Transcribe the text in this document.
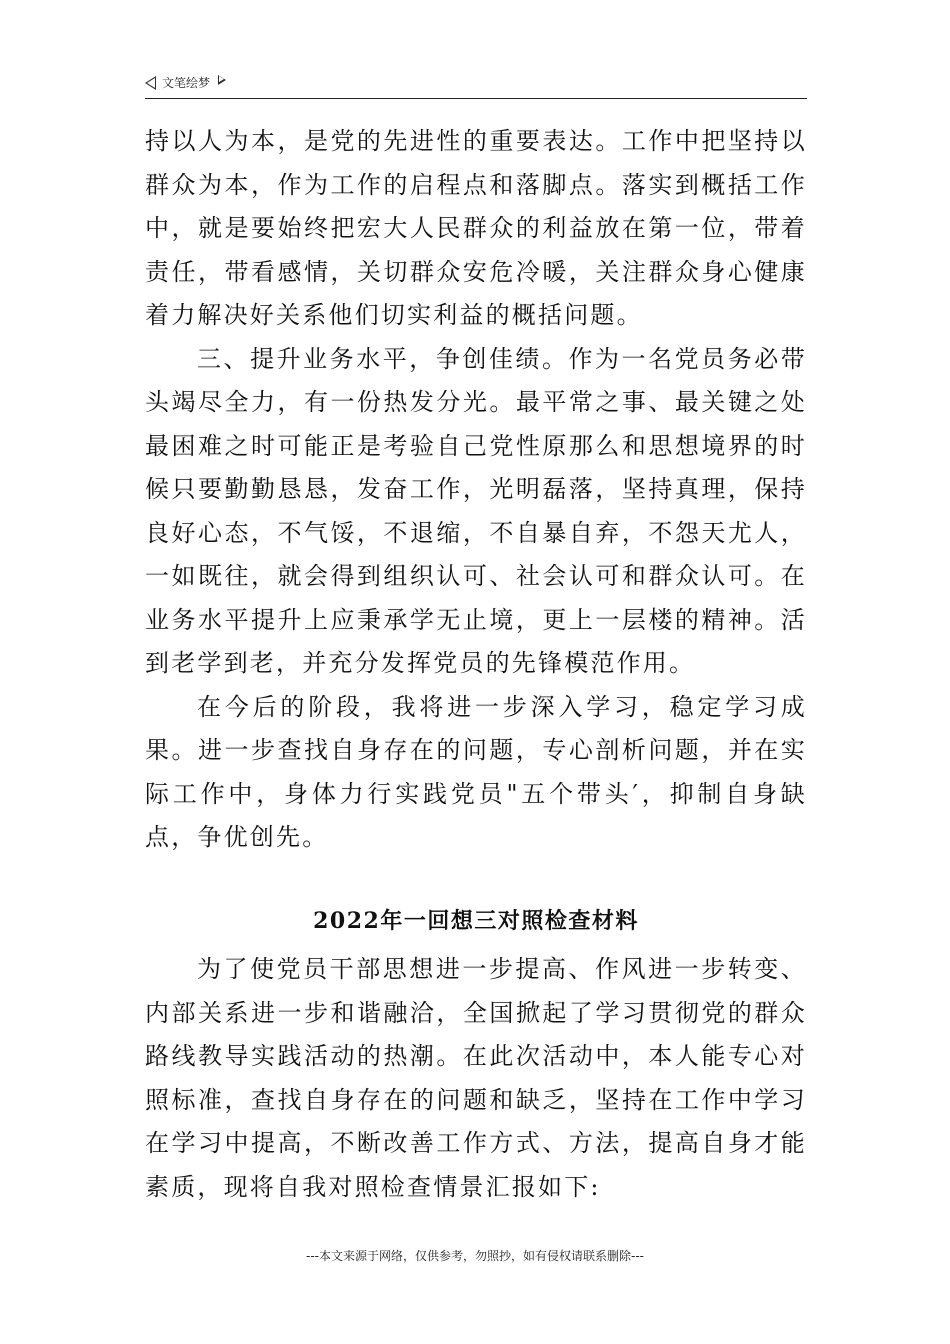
文笔绘梦

持以人为本，是党的先进性的重要表达。工作中把坚持以群众为本，作为工作的启程点和落脚点。落实到概括工作中，就是要始终把宏大人民群众的利益放在第一位，带着责任，带看感情，关切群众安危冷暖，关注群众身心健康着力解决好关系他们切实利益的概括问题。

三、提升业务水平，争创佳绩。作为一名党员务必带头竭尽全力，有一份热发分光。最平常之事、最关键之处最困难之时可能正是考验自己党性原那么和思想境界的时候只要勤勤恳恳，发奋工作，光明磊落，坚持真理，保持良好心态，不气馁，不退缩，不自暴自弃，不怨天尤人，一如既往，就会得到组织认可、社会认可和群众认可。在业务水平提升上应秉承学无止境，更上一层楼的精神。活到老学到老，并充分发挥党员的先锋模范作用。

在今后的阶段，我将进一步深入学习，稳定学习成果。进一步查找自身存在的问题，专心剖析问题，并在实际工作中，身体力行实践党员"五个带头′，抑制自身缺点，争优创先。

2022年一回想三对照检查材料

为了使党员干部思想进一步提高、作风进一步转变、内部关系进一步和谐融洽，全国掀起了学习贯彻党的群众路线教导实践活动的热潮。在此次活动中，本人能专心对照标准，查找自身存在的问题和缺乏，坚持在工作中学习在学习中提高，不断改善工作方式、方法，提高自身才能素质，现将自我对照检查情景汇报如下:

---本文来源于网络，仅供参考，勿照抄，如有侵权请联系删除---
